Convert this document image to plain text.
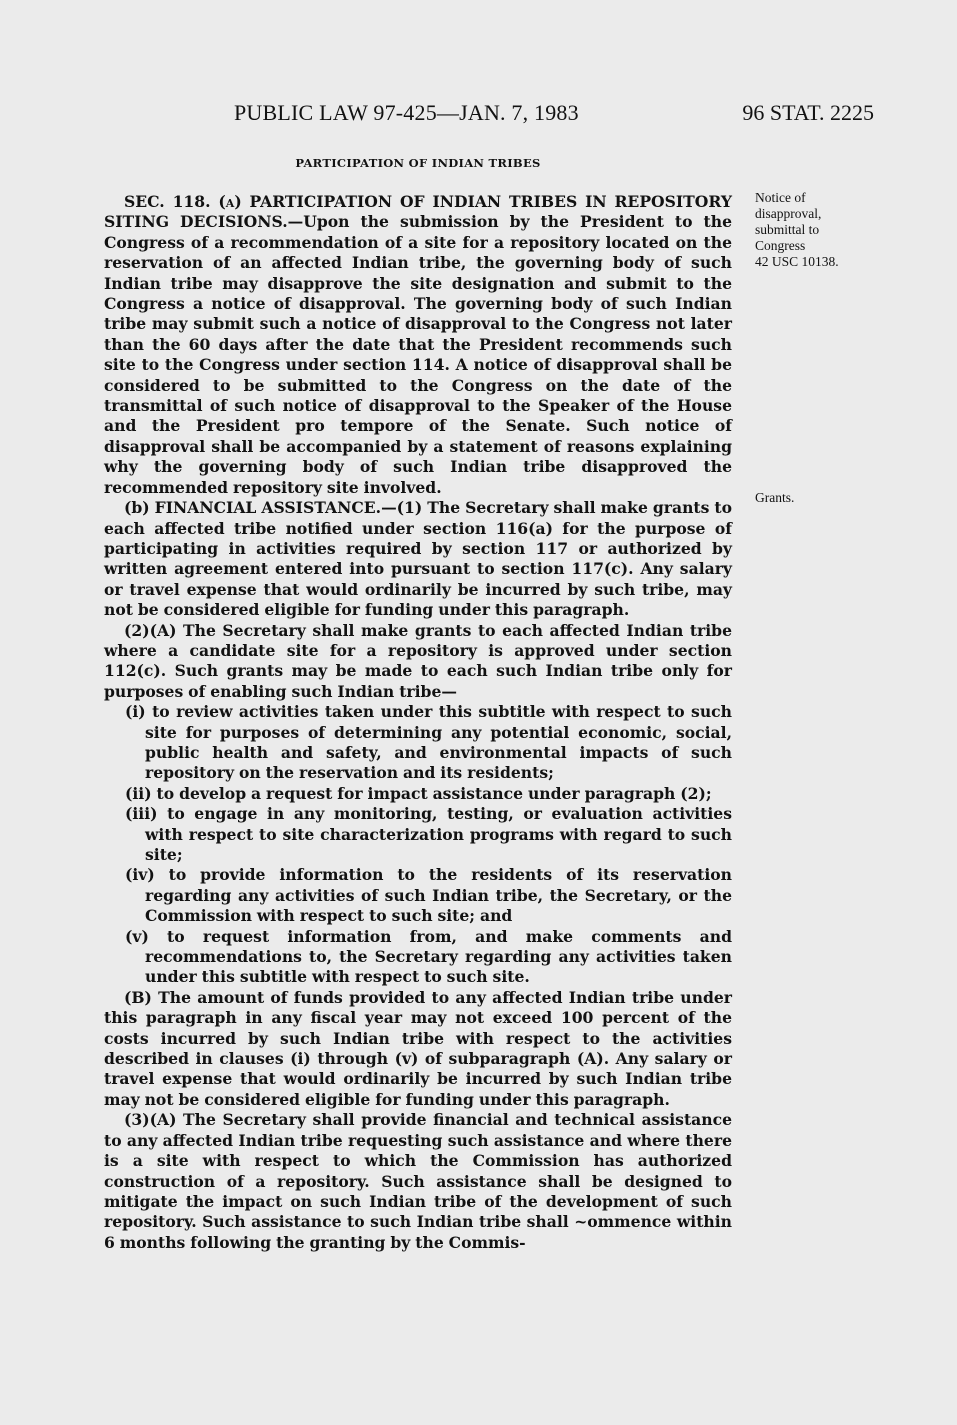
PUBLIC LAW 97-425—JAN. 7, 1983	96 STAT. 2225
PARTICIPATION OF INDIAN TRIBES

SEC. 118. (a) PARTICIPATION OF INDIAN TRIBES IN REPOSITORY SITING DECISIONS.—Upon the submission by the President to the Congress of a recommendation of a site for a repository located on the reservation of an affected Indian tribe, the governing body of such Indian tribe may disapprove the site designation and submit to the Congress a notice of disapproval. The governing body of such Indian tribe may submit such a notice of disapproval to the Congress not later than the 60 days after the date that the President recommends such site to the Congress under section 114. A notice of disapproval shall be considered to be submitted to the Congress on the date of the transmittal of such notice of disapproval to the Speaker of the House and the President pro tempore of the Senate. Such notice of disapproval shall be accompanied by a statement of reasons explaining why the governing body of such Indian tribe disapproved the recommended repository site involved.

(b) FINANCIAL ASSISTANCE.—(1) The Secretary shall make grants to each affected tribe notified under section 116(a) for the purpose of participating in activities required by section 117 or authorized by written agreement entered into pursuant to section 117(c). Any salary or travel expense that would ordinarily be incurred by such tribe, may not be considered eligible for funding under this paragraph.

(2)(A) The Secretary shall make grants to each affected Indian tribe where a candidate site for a repository is approved under section 112(c). Such grants may be made to each such Indian tribe only for purposes of enabling such Indian tribe—

(i) to review activities taken under this subtitle with respect to such site for purposes of determining any potential economic, social, public health and safety, and environmental impacts of such repository on the reservation and its residents;

(ii) to develop a request for impact assistance under paragraph (2);

(iii) to engage in any monitoring, testing, or evaluation activities with respect to site characterization programs with regard to such site;

(iv) to provide information to the residents of its reservation regarding any activities of such Indian tribe, the Secretary, or the Commission with respect to such site; and

(v) to request information from, and make comments and recommendations to, the Secretary regarding any activities taken under this subtitle with respect to such site.

(B) The amount of funds provided to any affected Indian tribe under this paragraph in any fiscal year may not exceed 100 percent of the costs incurred by such Indian tribe with respect to the activities described in clauses (i) through (v) of subparagraph (A). Any salary or travel expense that would ordinarily be incurred by such Indian tribe may not be considered eligible for funding under this paragraph.

(3)(A) The Secretary shall provide financial and technical assistance to any affected Indian tribe requesting such assistance and where there is a site with respect to which the Commission has authorized construction of a repository. Such assistance shall be designed to mitigate the impact on such Indian tribe of the development of such repository. Such assistance to such Indian tribe shall ~ommence within 6 months following the granting by the Commis-

Notice of
disapproval,
submittal to
Congress
42 USC 10138.
Grants.
